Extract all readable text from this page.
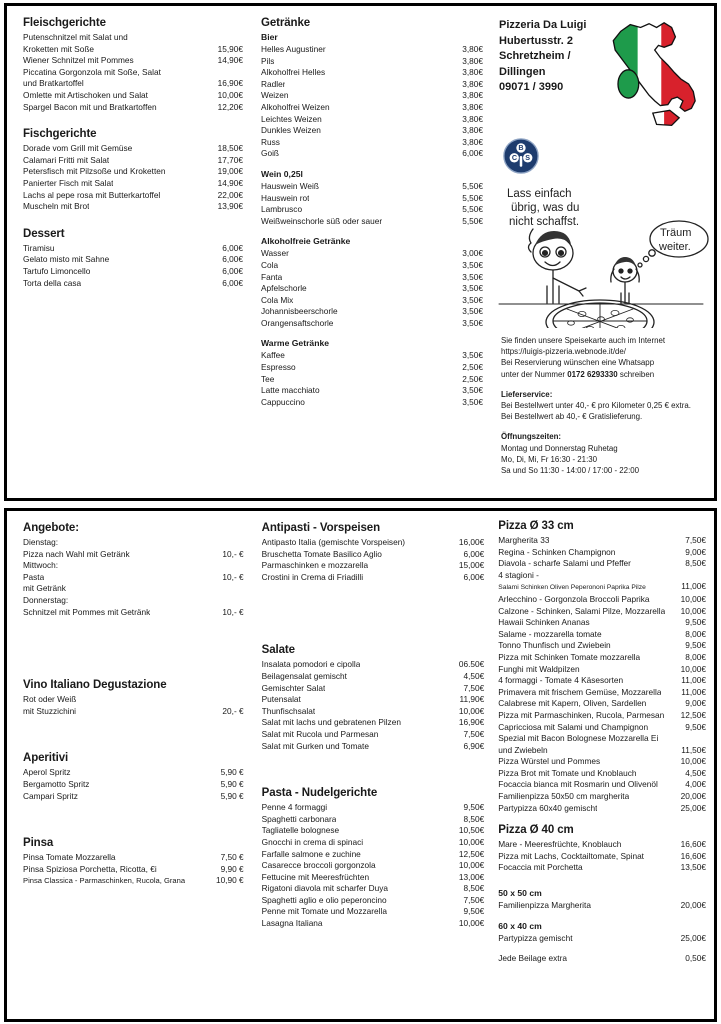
Fleischgerichte
Putenschnitzel mit Salat und
Kroketten mit Soße	15,90€
Wiener Schnitzel mit Pommes	14,90€
Piccatina Gorgonzola mit Soße, Salat
und Bratkartoffel	16,90€
Omlette mit Artischoken und Salat	10,00€
Spargel Bacon mit und Bratkartoffen	12,20€
Fischgerichte
Dorade vom Grill mit Gemüse	18,50€
Calamari Fritti mit Salat	17,70€
Petersfisch mit Pilzsoße und Kroketten	19,00€
Panierter Fisch mit Salat	14,90€
Lachs al pepe rosa mit Butterkartoffel	22,00€
Muscheln mit Brot	13,90€
Dessert
Tiramisu	6,00€
Gelato misto mit Sahne	6,00€
Tartufo Limoncello	6,00€
Torta della casa	6,00€
Getränke
Bier
Helles Augustiner	3,80€
Pils	3,80€
Alkoholfrei Helles	3,80€
Radler	3,80€
Weizen	3,80€
Alkoholfrei Weizen	3,80€
Leichtes Weizen	3,80€
Dunkles Weizen	3,80€
Russ	3,80€
Goiß	6,00€
Wein 0,25l
Hauswein Weiß	5,50€
Hauswein rot	5,50€
Lambrusco	5,50€
Weißweinschorle süß oder sauer	5,50€
Alkoholfreie Getränke
Wasser	3,00€
Cola	3,50€
Fanta	3,50€
Apfelschorle	3,50€
Cola Mix	3,50€
Johannisbeerschorle	3,50€
Orangensaftschorle	3,50€
Warme Getränke
Kaffee	3,50€
Espresso	2,50€
Tee	2,50€
Latte macchiato	3,50€
Cappuccino	3,50€
Pizzeria Da Luigi
Hubertusstr. 2
Schretzheim / Dillingen
09071 / 3990
B
C S

Lass einfach
übrig, was du
nicht schaffst.
Träum
weiter.

Sie finden unsere Speisekarte auch im Internet

https://luigis-pizzeria.webnode.it/de/

Bei Reservierung wünschen eine Whatsapp

unter der Nummer 0172 6293330 schreiben

Lieferservice:

Bei Bestellwert unter 40,- € pro Kilometer 0,25 € extra.

Bei Bestellwert ab 40,- € Gratislieferung.

Öffnungszeiten:

Montag und Donnerstag Ruhetag

Mo, Di, Mi, Fr 16:30 - 21:30

Sa und So 11:30 - 14:00 / 17:00 - 22:00

Angebote:
Dienstag:
Pizza nach Wahl mit Getränk	10,- €
Mittwoch:
Pasta	10,- €
mit Getränk
Donnerstag:
Schnitzel mit Pommes mit Getränk	10,- €
Vino Italiano Degustazione
Rot oder Weiß
mit Stuzzichini	20,- €
Aperitivi
Aperol Spritz	5,90 €
Bergamotto Spritz	5,90 €
Campari Spritz	5,90 €
Pinsa
Pinsa Tomate Mozzarella	7,50 €
Pinsa Spiziosa Porchetta, Ricotta, €i	9,90 €
Pinsa Classica - Parmaschinken, Rucola, Grana	10,90 €
Antipasti - Vorspeisen
Antipasto Italia (gemischte Vorspeisen)	16,00€
Bruschetta Tomate Basilico Aglio	6,00€
Parmaschinken e mozzarella	15,00€
Crostini in Crema di Friadilli	6,00€
Salate
Insalata pomodori e cipolla	06.50€
Beilagensalat gemischt	4,50€
Gemischter Salat	7,50€
Putensalat	11,90€
Thunfischsalat	10,00€
Salat mit lachs und gebratenen Pilzen	16,90€
Salat mit Rucola und Parmesan	7,50€
Salat mit Gurken und Tomate	6,90€
Pasta - Nudelgerichte
Penne 4 formaggi	9,50€
Spaghetti carbonara	8,50€
Tagliatelle bolognese	10,50€
Gnocchi in crema di spinaci	10,00€
Farfalle salmone e zuchine	12,50€
Casarecce broccoli gorgonzola	10,00€
Fettucine mit Meeresfrüchten	13,00€
Rigatoni diavola mit scharfer Duya	8,50€
Spaghetti aglio e olio peperoncino	7,50€
Penne mit Tomate und Mozzarella	9,50€
Lasagna Italiana	10,00€
Pizza Ø 33 cm
Margherita 33	7,50€
Regina - Schinken Champignon	9,00€
Diavola - scharfe Salami und Pfeffer	8,50€
4 stagioni -
Salami Schinken Oliven Peperononi Paprika Pilze	11,00€
Arlecchino - Gorgonzola Broccoli Paprika	10,00€
Calzone - Schinken, Salami Pilze, Mozzarella	10,00€
Hawaii Schinken Ananas	9,50€
Salame - mozzarella tomate	8,00€
Tonno Thunfisch und Zwiebein	9,50€
Pizza mit Schinken Tomate mozzarella	8,00€
Funghi mit Waldpilzen	10,00€
4 formaggi - Tomate 4 Käsesorten	11,00€
Primavera mit frischem Gemüse, Mozzarella	11,00€
Calabrese mit Kapern, Oliven, Sardellen	9,00€
Pizza mit Parmaschinken, Rucola, Parmesan	12,50€
Capricciosa mit Salami und Champignon	9,50€
Spezial mit Bacon Bolognese Mozzarella Ei
und Zwiebeln	11,50€
Pizza Würstel und Pommes	10,00€
Pizza Brot mit Tomate und Knoblauch	4,50€
Focaccia bianca mit Rosmarin und Olivenöl	4,00€
Familienpizza 50x50 cm margherita	20,00€
Partypizza 60x40 gemischt	25,00€
Pizza Ø 40 cm
Mare - Meeresfrüchte, Knoblauch	16,60€
Pizza mit Lachs, Cocktailtomate, Spinat	16,60€
Focaccia mit Porchetta	13,50€
50 x 50 cm
Familienpizza Margherita	20,00€
60 x 40 cm
Partypizza gemischt	25,00€
Jede Beilage extra	0,50€
